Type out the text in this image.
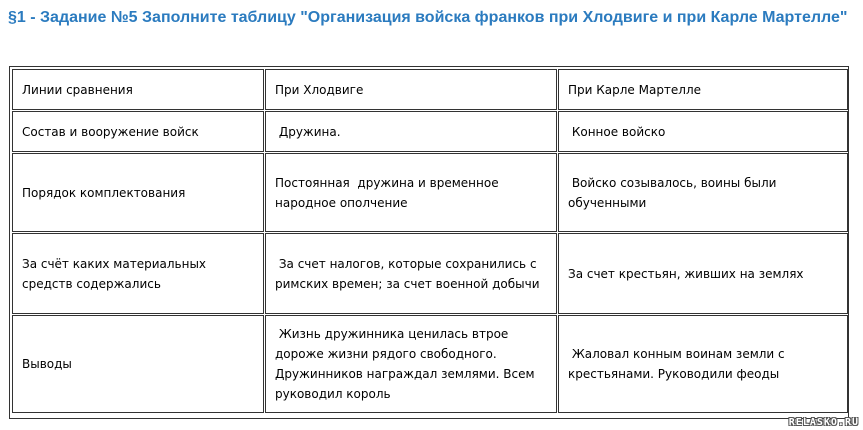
§1 - Задание №5 Заполните таблицу "Организация войска франков при Хлодвиге и при Карле Мартелле"
Линии сравнения	При Хлодвиге	При Карле Мартелле
Состав и вооружение войск	Дружина.	Конное войско
Порядок комплектования	Постоянная  дружина и временное народное ополчение	Войско созывалось, воины были обученными
За счёт каких материальных средств содержались	За счет налогов, которые сохранились с римских времен; за счет военной добычи	За счет крестьян, живших на землях
Выводы	Жизнь дружинника ценилась втрое дороже жизни рядого свободного. Дружинников награждал землями. Всем руководил король	Жаловал конным воинам земли с крестьянами. Руководили феоды
RELASKO.RU
